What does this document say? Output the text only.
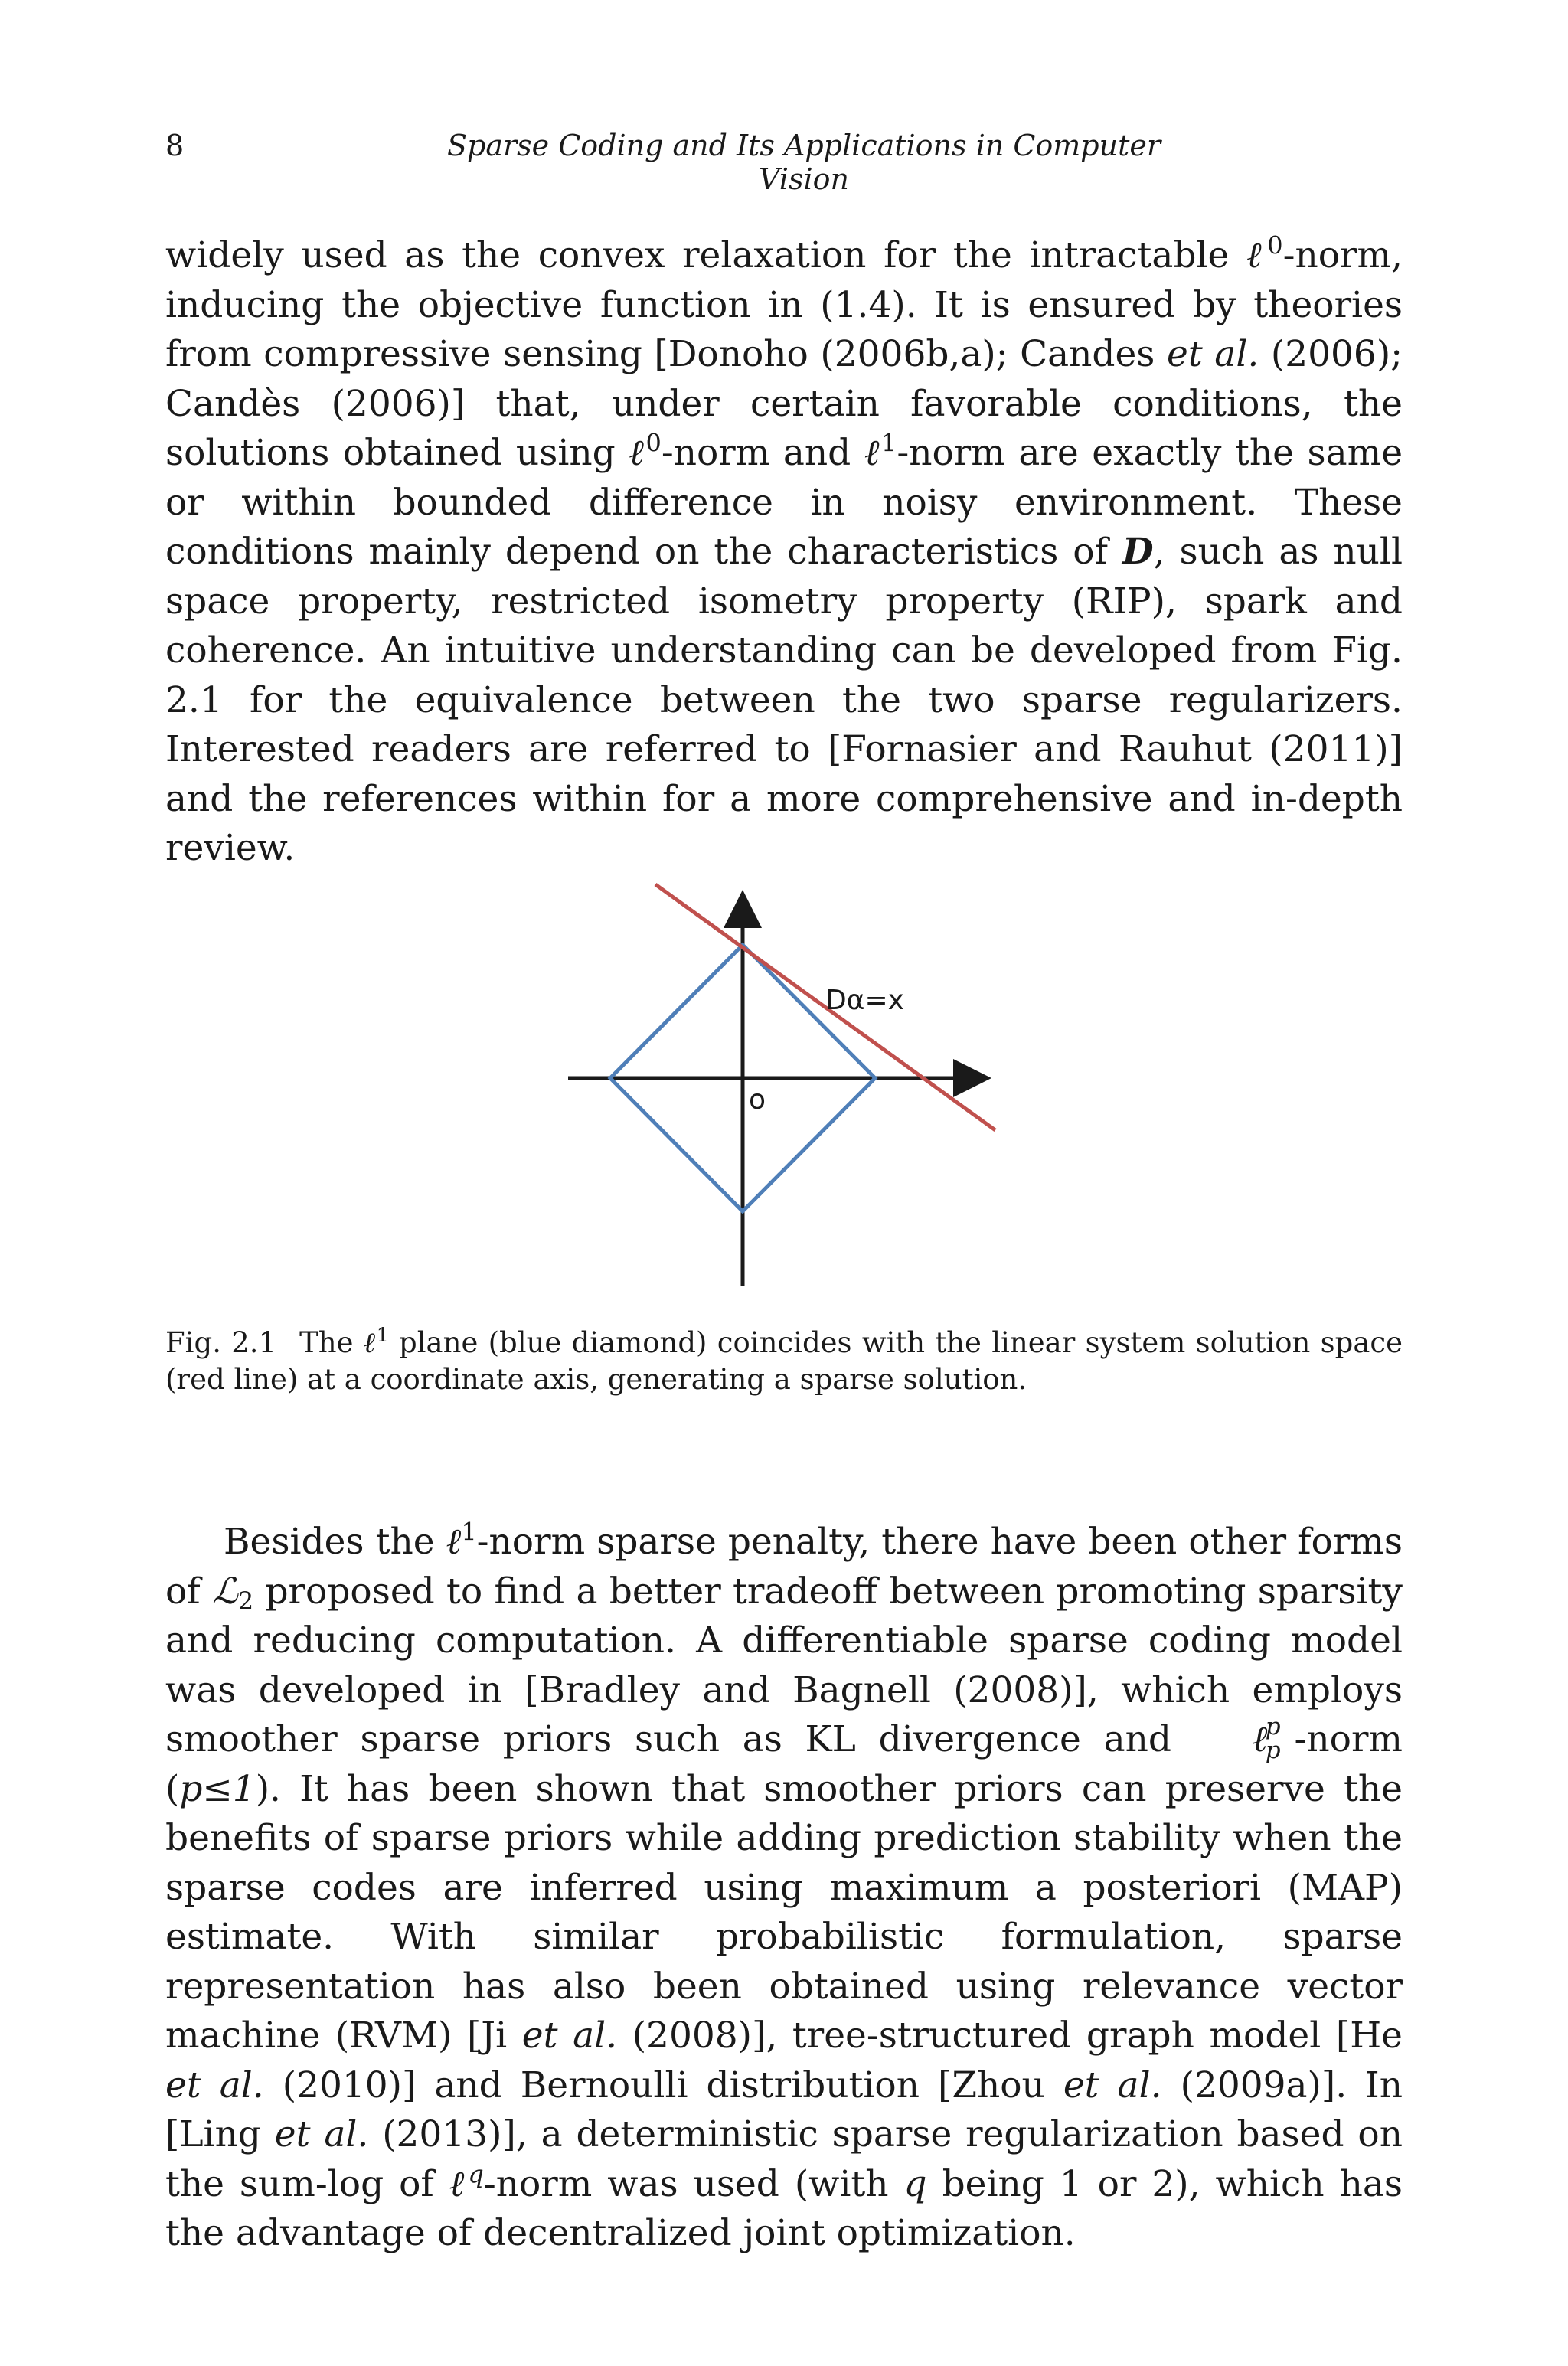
8	Sparse Coding and Its Applications in Computer Vision

widely used as the convex relaxation for the intractable ℓ$^0$-norm, inducing the objective function in (1.4). It is ensured by theories from compressive sensing [Donoho (2006b,a); Candes et al. (2006); Candès (2006)] that, under certain favorable conditions, the solutions obtained using ℓ$^0$-norm and ℓ$^1$-norm are exactly the same or within bounded difference in noisy environment. These conditions mainly depend on the characteristics of D, such as null space property, restricted isometry property (RIP), spark and coherence. An intuitive understanding can be developed from Fig. 2.1 for the equivalence between the two sparse regularizers. Interested readers are referred to [Fornasier and Rauhut (2011)] and the references within for a more comprehensive and in-depth review.

Dα=x
o

Fig. 2.1 The ℓ$^1$ plane (blue diamond) coincides with the linear system solution space (red line) at a coordinate axis, generating a sparse solution.

Besides the ℓ$^1$-norm sparse penalty, there have been other forms of ℒ$_2$ proposed to find a better tradeoff between promoting sparsity and reducing computation. A differentiable sparse coding model was developed in [Bradley and Bagnell (2008)], which employs smoother sparse priors such as KL divergence and ℓ
p
p -norm (p≤1). It has been shown that smoother priors can preserve the benefits of sparse priors while adding prediction stability when the sparse codes are inferred using maximum a posteriori (MAP) estimate. With similar probabilistic formulation, sparse representation has also been obtained using relevance vector machine (RVM) [Ji et al. (2008)], tree-structured graph model [He et al. (2010)] and Bernoulli distribution [Zhou et al. (2009a)]. In [Ling et al. (2013)], a deterministic sparse regularization based on the sum-log of ℓ$^q$-norm was used (with q being 1 or 2), which has the advantage of decentralized joint optimization.
